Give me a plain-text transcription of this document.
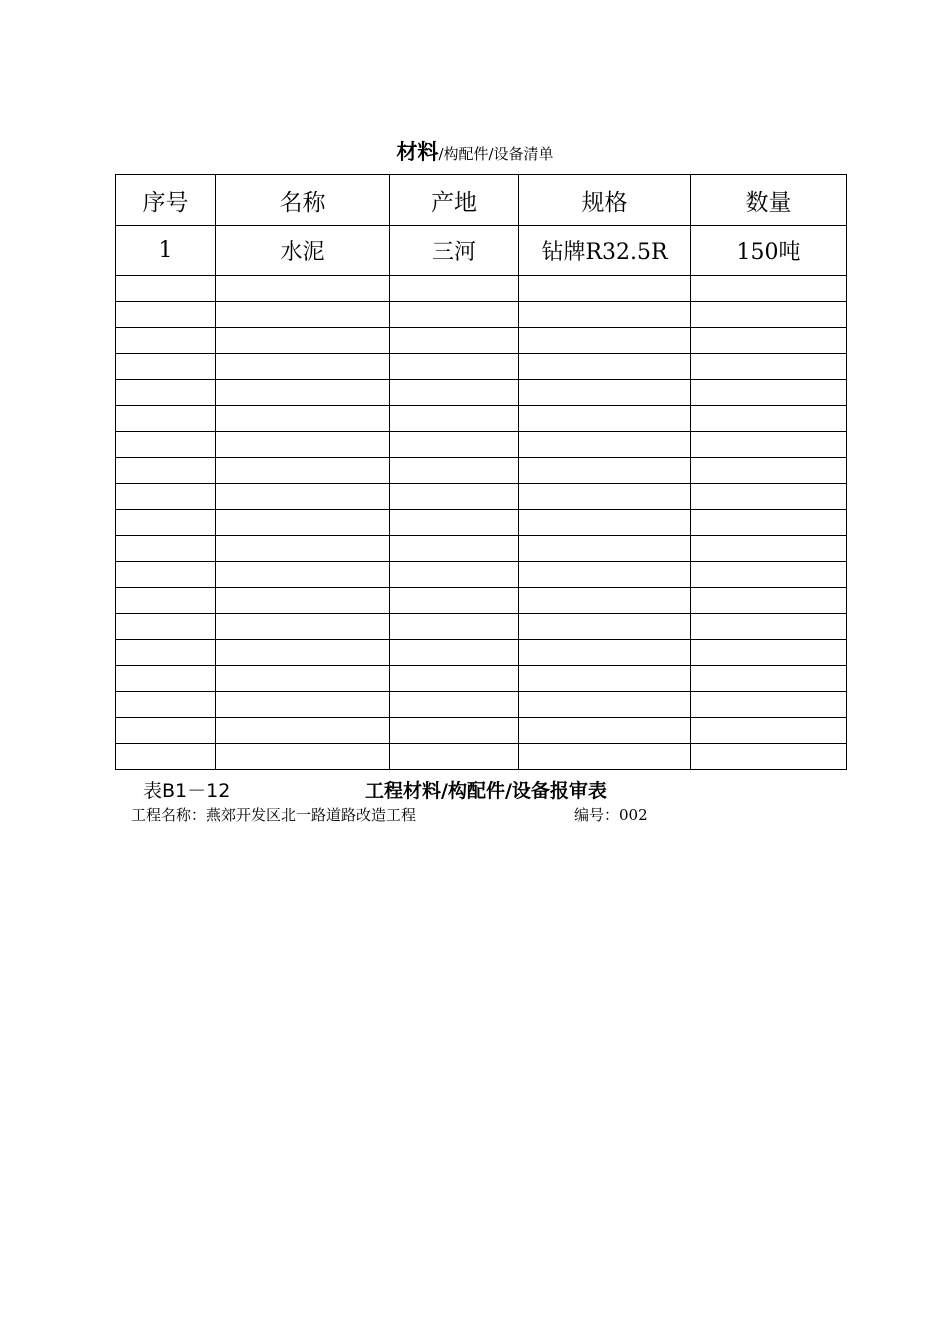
材料/构配件/设备清单
序号	名称	产地	规格	数量
1	水泥	三河	钻牌R32.5R	150吨

表B1－12	工程材料/构配件/设备报审表
工程名称：燕郊开发区北一路道路改造工程	编号：002
